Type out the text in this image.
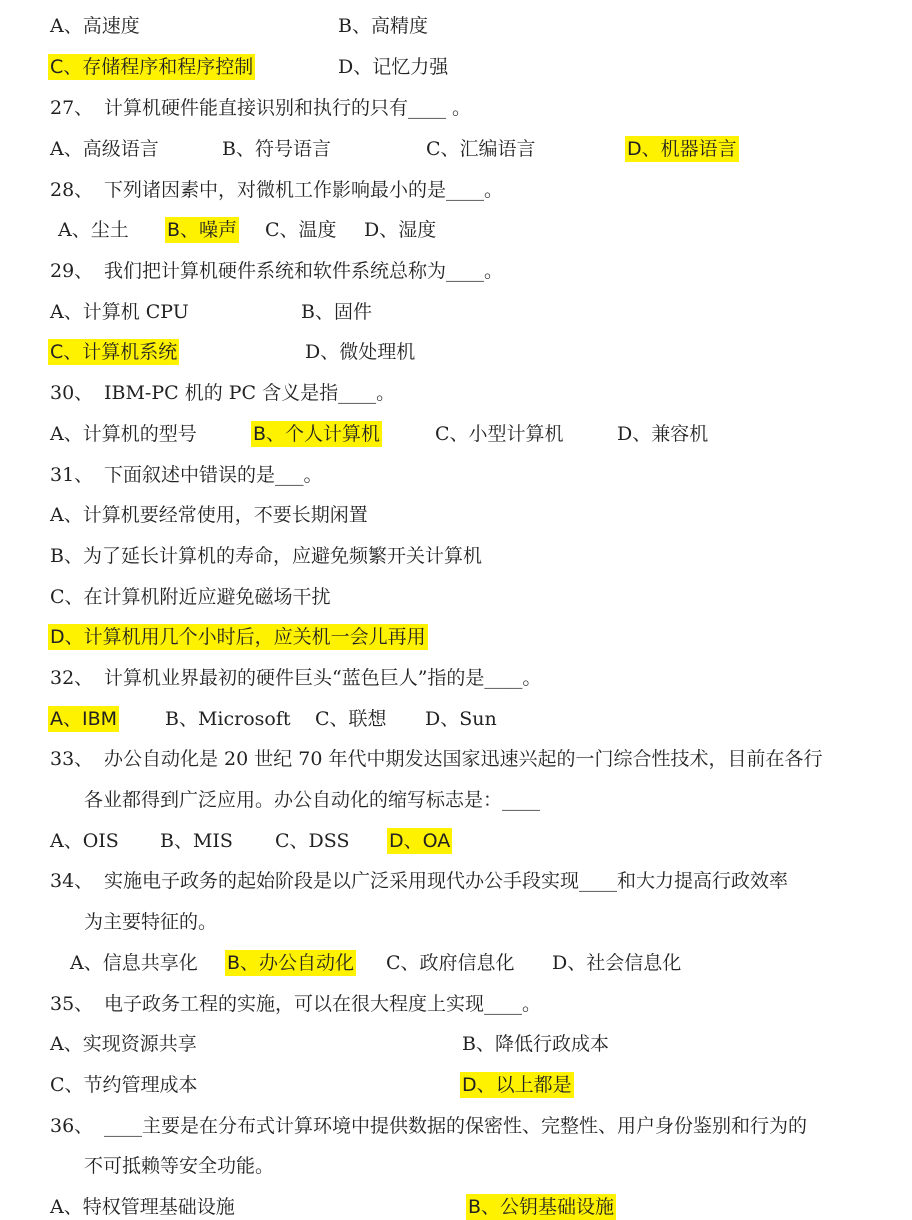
A、高速度	B、高精度
C、存储程序和程序控制	D、记忆力强
27、 计算机硬件能直接识别和执行的只有____ 。
A、高级语言	B、符号语言	C、汇编语言	D、机器语言
28、 下列诸因素中，对微机工作影响最小的是____。
A、尘土 B、噪声 C、温度 D、湿度
29、 我们把计算机硬件系统和软件系统总称为____。
A、计算机 CPU	B、固件
C、计算机系统	D、微处理机
30、 IBM-PC 机的 PC 含义是指____。
A、计算机的型号	B、个人计算机	C、小型计算机	D、兼容机
31、 下面叙述中错误的是___。
A、计算机要经常使用，不要长期闲置
B、为了延长计算机的寿命，应避免频繁开关计算机
C、在计算机附近应避免磁场干扰
D、计算机用几个小时后，应关机一会儿再用
32、 计算机业界最初的硬件巨头“蓝色巨人”指的是____。
A、IBM	B、Microsoft C、联想 D、Sun
33、 办公自动化是 20 世纪 70 年代中期发达国家迅速兴起的一门综合性技术，目前在各行
各业都得到广泛应用。办公自动化的缩写标志是：____
A、OIS B、MIS C、DSS D、OA
34、 实施电子政务的起始阶段是以广泛采用现代办公手段实现____和大力提高行政效率
为主要特征的。
A、信息共享化 B、办公自动化 C、政府信息化 D、社会信息化
35、 电子政务工程的实施，可以在很大程度上实现____。
A、实现资源共享	B、降低行政成本
C、节约管理成本	D、以上都是
36、 ____主要是在分布式计算环境中提供数据的保密性、完整性、用户身份鉴别和行为的
不可抵赖等安全功能。
A、特权管理基础设施	B、公钥基础设施
